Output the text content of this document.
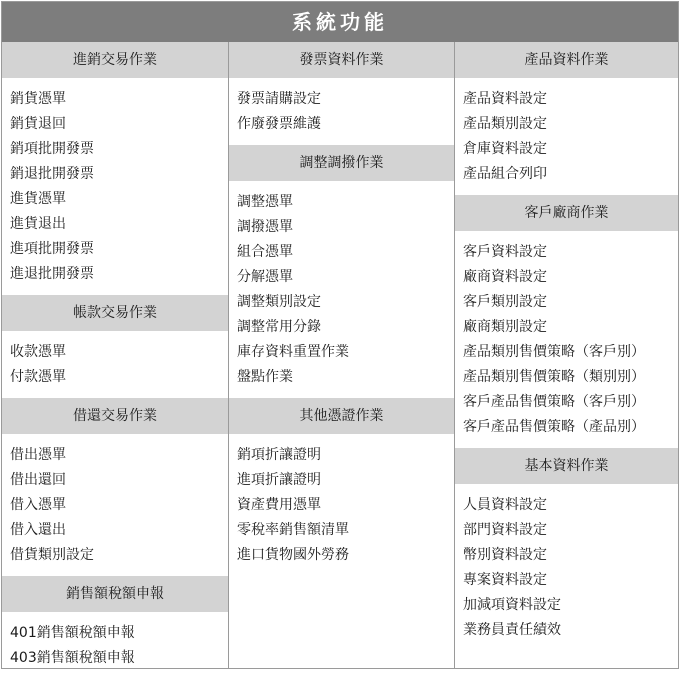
系統功能
進銷交易作業
銷貨憑單
銷貨退回
銷項批開發票
銷退批開發票
進貨憑單
進貨退出
進項批開發票
進退批開發票
帳款交易作業
收款憑單
付款憑單
借還交易作業
借出憑單
借出還回
借入憑單
借入還出
借貨類別設定
銷售額稅額申報
401銷售額稅額申報
403銷售額稅額申報
發票資料作業
發票請購設定
作廢發票維護
調整調撥作業
調整憑單
調撥憑單
組合憑單
分解憑單
調整類別設定
調整常用分錄
庫存資料重置作業
盤點作業
其他憑證作業
銷項折讓證明
進項折讓證明
資產費用憑單
零稅率銷售額清單
進口貨物國外勞務
產品資料作業
產品資料設定
產品類別設定
倉庫資料設定
產品組合列印
客戶廠商作業
客戶資料設定
廠商資料設定
客戶類別設定
廠商類別設定
產品類別售價策略（客戶別）
產品類別售價策略（類別別）
客戶產品售價策略（客戶別）
客戶產品售價策略（產品別）
基本資料作業
人員資料設定
部門資料設定
幣別資料設定
專案資料設定
加減項資料設定
業務員責任績效
